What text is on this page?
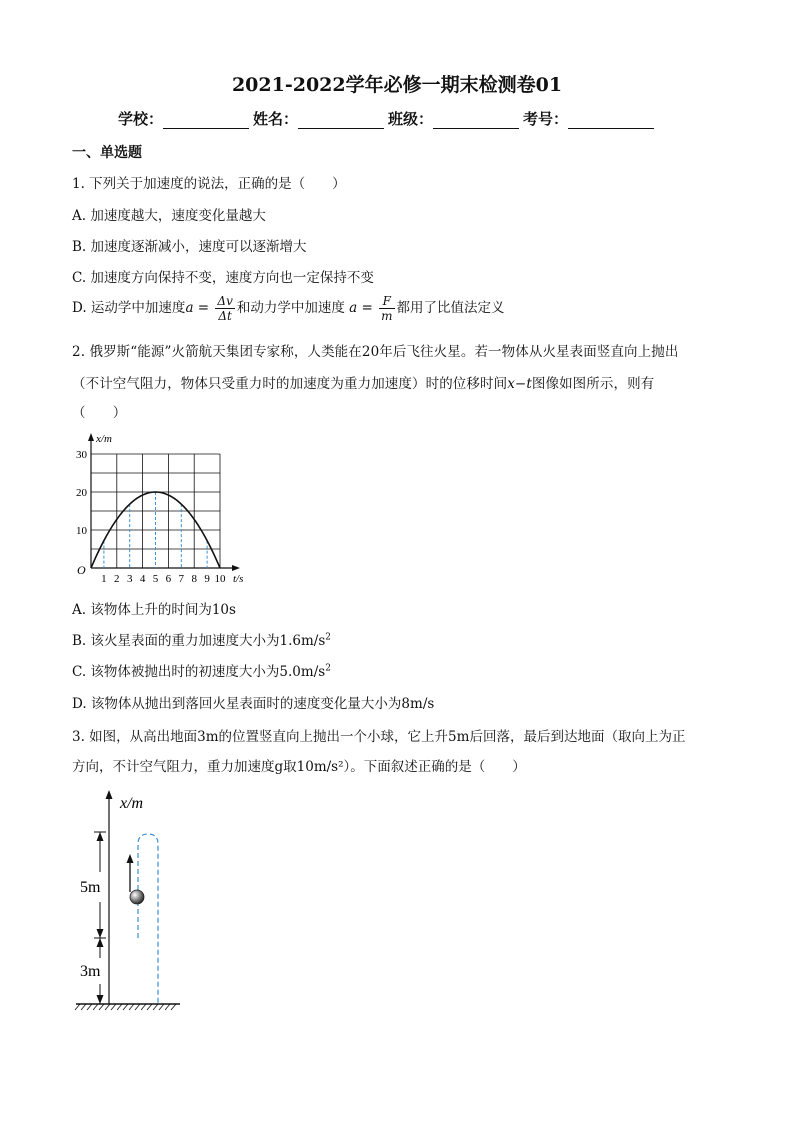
2021-2022学年必修一期末检测卷01
学校：	姓名：	班级：	考号：
一、单选题
1. 下列关于加速度的说法，正确的是（　　）
A. 加速度越大，速度变化量越大
B. 加速度逐渐减小，速度可以逐渐增大
C. 加速度方向保持不变，速度方向也一定保持不变
D. 运动学中加速度$a = \frac{\Delta v}{\Delta t}$ 和动力学中加速度 $a = \frac{F}{m}$ 都用了比值法定义
2. 俄罗斯“能源”火箭航天集团专家称，人类能在20年后飞往火星。若一物体从火星表面竖直向上抛出
（不计空气阻力，物体只受重力时的加速度为重力加速度）时的位移时间x−t图像如图所示，则有
（　　）
1 2 3 4 5 6 7 8 9 10
10
20
30
O
x/m
t/s
A. 该物体上升的时间为10s
B. 该火星表面的重力加速度大小为$1.6m/s^2$
C. 该物体被抛出时的初速度大小为$5.0m/s^2$
D. 该物体从抛出到落回火星表面时的速度变化量大小为8m/s
3. 如图，从高出地面3m的位置竖直向上抛出一个小球，它上升5m后回落，最后到达地面（取向上为正
方向，不计空气阻力，重力加速度g取10m/s²）。下面叙述正确的是（　　）
x/m
5m
3m
